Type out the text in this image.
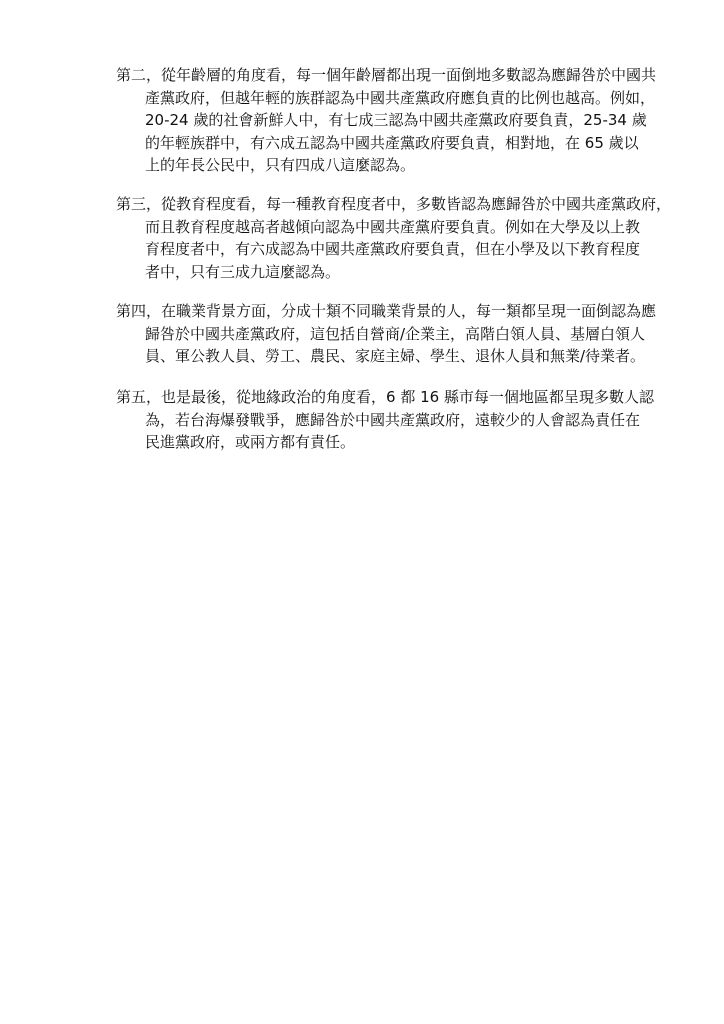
第二，從年齡層的角度看，每一個年齡層都出現一面倒地多數認為應歸咎於中國共
產黨政府，但越年輕的族群認為中國共產黨政府應負責的比例也越高。例如，
20-24 歲的社會新鮮人中，有七成三認為中國共產黨政府要負責，25-34 歲
的年輕族群中，有六成五認為中國共產黨政府要負責，相對地，在 65 歲以
上的年長公民中，只有四成八這麼認為。
第三，從教育程度看，每一種教育程度者中，多數皆認為應歸咎於中國共產黨政府，
而且教育程度越高者越傾向認為中國共產黨府要負責。例如在大學及以上教
育程度者中，有六成認為中國共產黨政府要負責，但在小學及以下教育程度
者中，只有三成九這麼認為。
第四，在職業背景方面，分成十類不同職業背景的人，每一類都呈現一面倒認為應
歸咎於中國共產黨政府，這包括自營商/企業主，高階白領人員、基層白領人
員、軍公教人員、勞工、農民、家庭主婦、學生、退休人員和無業/待業者。
第五，也是最後，從地緣政治的角度看，6 都 16 縣市每一個地區都呈現多數人認
為，若台海爆發戰爭，應歸咎於中國共產黨政府，遠較少的人會認為責任在
民進黨政府，或兩方都有責任。
